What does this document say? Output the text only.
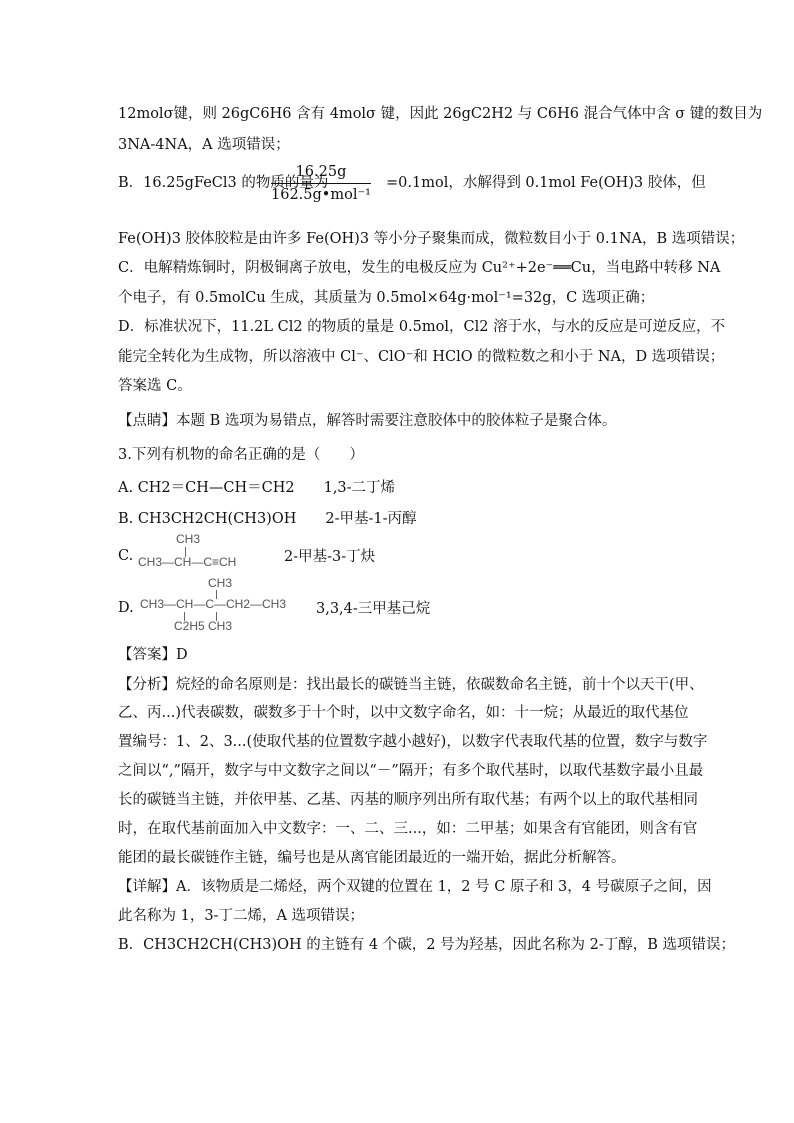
12molσ键，则 26gC6H6 含有 4molσ 键，因此 26gC2H2 与 C6H6 混合气体中含 σ 键的数目为
3NA-4NA，A 选项错误；
B．16.25gFeCl3 的物质的量为
16.25g
162.5g•mol⁻¹
=0.1mol，水解得到 0.1mol Fe(OH)3 胶体，但
Fe(OH)3 胶体胶粒是由许多 Fe(OH)3 等小分子聚集而成，微粒数目小于 0.1NA，B 选项错误；
C．电解精炼铜时，阴极铜离子放电，发生的电极反应为 Cu²⁺+2e⁻══Cu，当电路中转移 NA
个电子，有 0.5molCu 生成，其质量为 0.5mol×64g·mol⁻¹=32g，C 选项正确；
D．标准状况下，11.2L Cl2 的物质的量是 0.5mol，Cl2 溶于水，与水的反应是可逆反应，不
能完全转化为生成物，所以溶液中 Cl⁻、ClO⁻和 HClO 的微粒数之和小于 NA，D 选项错误；
答案选 C。
【点睛】本题 B 选项为易错点，解答时需要注意胶体中的胶体粒子是聚合体。
3.下列有机物的命名正确的是（　　）
A. CH2＝CH—CH＝CH2　　1,3-二丁烯
B. CH3CH2CH(CH3)OH　　2-甲基-1-丙醇
C.
CH3
CH3—CH—C≡CH	2-甲基-3-丁炔
D.
CH3
CH3—CH—C—CH2—CH3
C2H5 CH3
3,3,4-三甲基己烷
【答案】D
【分析】烷烃的命名原则是：找出最长的碳链当主链，依碳数命名主链，前十个以天干(甲、
乙、丙...)代表碳数，碳数多于十个时，以中文数字命名，如：十一烷；从最近的取代基位
置编号：1、2、3...(使取代基的位置数字越小越好)，以数字代表取代基的位置，数字与数字
之间以“,”隔开，数字与中文数字之间以“－”隔开；有多个取代基时，以取代基数字最小且最
长的碳链当主链，并依甲基、乙基、丙基的顺序列出所有取代基；有两个以上的取代基相同
时，在取代基前面加入中文数字：一、二、三...，如：二甲基；如果含有官能团，则含有官
能团的最长碳链作主链，编号也是从离官能团最近的一端开始，据此分析解答。
【详解】A．该物质是二烯烃，两个双键的位置在 1，2 号 C 原子和 3，4 号碳原子之间，因
此名称为 1，3-丁二烯，A 选项错误；
B．CH3CH2CH(CH3)OH 的主链有 4 个碳，2 号为羟基，因此名称为 2-丁醇，B 选项错误；
